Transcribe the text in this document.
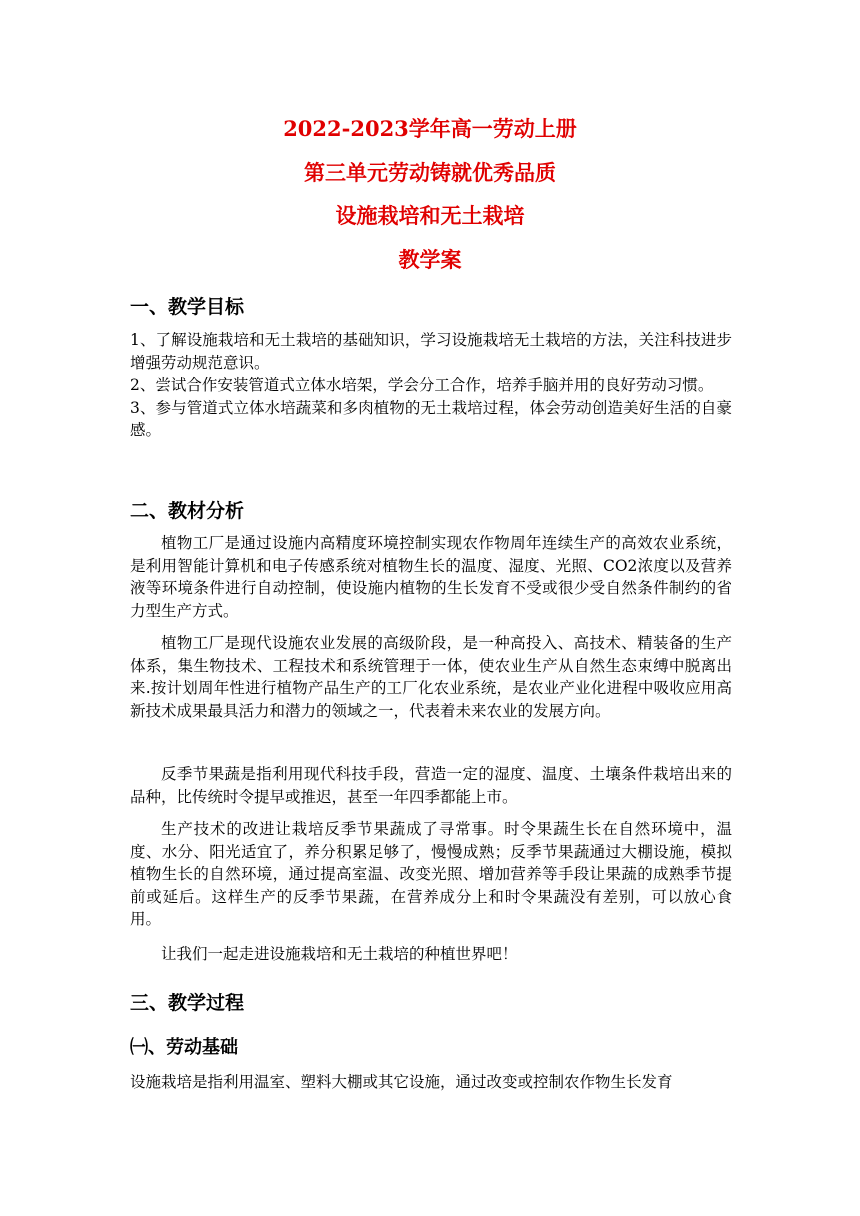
2022-2023学年高一劳动上册
第三单元劳动铸就优秀品质
设施栽培和无土栽培
教学案
一、教学目标
1、了解设施栽培和无土栽培的基础知识，学习设施栽培无土栽培的方法，关注科技进步增强劳动规范意识。
2、尝试合作安装管道式立体水培架，学会分工合作，培养手脑并用的良好劳动习惯。
3、参与管道式立体水培蔬菜和多肉植物的无土栽培过程，体会劳动创造美好生活的自豪感。
二、教材分析
植物工厂是通过设施内高精度环境控制实现农作物周年连续生产的高效农业系统，是利用智能计算机和电子传感系统对植物生长的温度、湿度、光照、CO2浓度以及营养液等环境条件进行自动控制，使设施内植物的生长发育不受或很少受自然条件制约的省力型生产方式。
植物工厂是现代设施农业发展的高级阶段，是一种高投入、高技术、精装备的生产体系，集生物技术、工程技术和系统管理于一体，使农业生产从自然生态束缚中脱离出来.按计划周年性进行植物产品生产的工厂化农业系统，是农业产业化进程中吸收应用高新技术成果最具活力和潜力的领域之一，代表着未来农业的发展方向。
反季节果蔬是指利用现代科技手段，营造一定的湿度、温度、土壤条件栽培出来的品种，比传统时令提早或推迟，甚至一年四季都能上市。
生产技术的改进让栽培反季节果蔬成了寻常事。时令果蔬生长在自然环境中，温度、水分、阳光适宜了，养分积累足够了，慢慢成熟；反季节果蔬通过大棚设施，模拟植物生长的自然环境，通过提高室温、改变光照、增加营养等手段让果蔬的成熟季节提前或延后。这样生产的反季节果蔬，在营养成分上和时令果蔬没有差别，可以放心食用。
让我们一起走进设施栽培和无土栽培的种植世界吧！
三、教学过程
㈠、劳动基础
设施栽培是指利用温室、塑料大棚或其它设施，通过改变或控制农作物生长发育
